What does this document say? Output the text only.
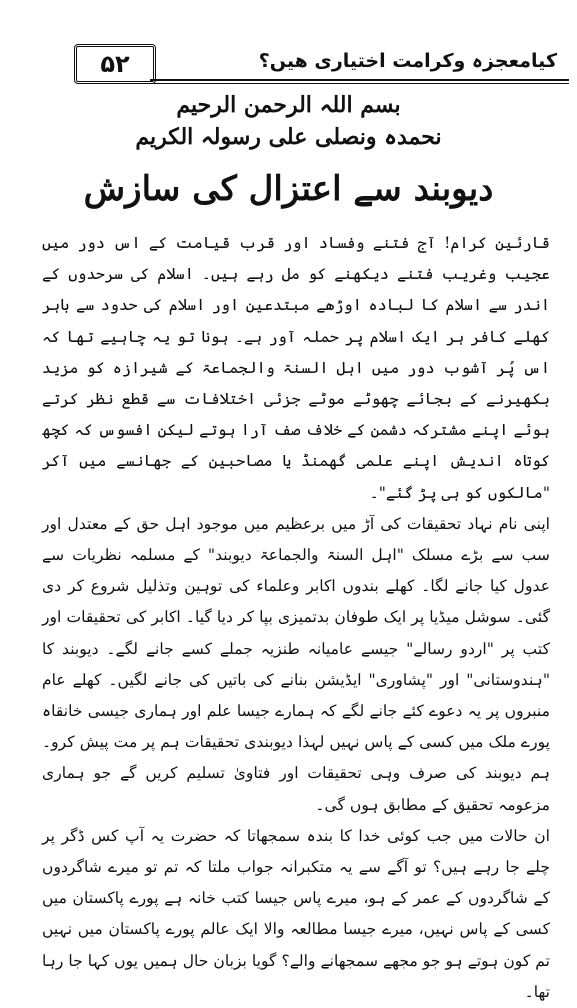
۵۲	کیامعجزہ وکرامت اختیاری ھیں؟
بسم اللہ الرحمن الرحیم
نحمدہ ونصلی علی رسولہ الکریم
دیوبند سے اعتزال کی سازش

قارئین کرام! آج فتنے وفساد اور قرب قیامت کے اس دور میں عجیب وغریب فتنے دیکھنے کو مل رہے ہیں۔ اسلام کی سرحدوں کے اندر سے اسلام کا لبادہ اوڑھے مبتدعین اور اسلام کی حدود سے باہر کھلے کافر ہر ایک اسلام پر حملہ آور ہے۔ ہونا تو یہ چاہیے تھا کہ اس پُر آشوب دور میں اہل السنۃ والجماعۃ کے شیرازہ کو مزید بکھیرنے کے بجائے چھوٹے موٹے جزئی اختلافات سے قطع نظر کرتے ہوئے اپنے مشترکہ دشمن کے خلاف صف آرا ہوتے لیکن افسوس کہ کچھ کوتاہ اندیش اپنے علمی گھمنڈ یا مصاحبین کے جھانسے میں آکر "مالکوں کو ہی پڑ گئے"۔

اپنی نام نہاد تحقیقات کی آڑ میں برعظیم میں موجود اہل حق کے معتدل اور سب سے بڑے مسلک "اہل السنۃ والجماعۃ دیوبند" کے مسلمہ نظریات سے عدول کیا جانے لگا۔ کھلے بندوں اکابر وعلماء کی توہین وتذلیل شروع کر دی گئی۔ سوشل میڈیا پر ایک طوفان بدتمیزی بپا کر دیا گیا۔ اکابر کی تحقیقات اور کتب پر "اردو رسالے" جیسے عامیانہ طنزیہ جملے کسے جانے لگے۔ دیوبند کا "ہندوستانی" اور "پشاوری" ایڈیشن بنانے کی باتیں کی جانے لگیں۔ کھلے عام منبروں پر یہ دعوے کئے جانے لگے کہ ہمارے جیسا علم اور ہماری جیسی خانقاہ پورے ملک میں کسی کے پاس نہیں لہذا دیوبندی تحقیقات ہم پر مت پیش کرو۔ ہم دیوبند کی صرف وہی تحقیقات اور فتاویٰ تسلیم کریں گے جو ہماری مزعومہ تحقیق کے مطابق ہوں گی۔

ان حالات میں جب کوئی خدا کا بندہ سمجھاتا کہ حضرت یہ آپ کس ڈگر پر چلے جا رہے ہیں؟ تو آگے سے یہ متکبرانہ جواب ملتا کہ تم تو میرے شاگردوں کے شاگردوں کے عمر کے ہو، میرے پاس جیسا کتب خانہ ہے پورے پاکستان میں کسی کے پاس نہیں، میرے جیسا مطالعہ والا ایک عالم پورے پاکستان میں نہیں تم کون ہوتے ہو جو مجھے سمجھانے والے؟ گویا بزبان حال ہمیں یوں کہا جا رہا تھا۔
